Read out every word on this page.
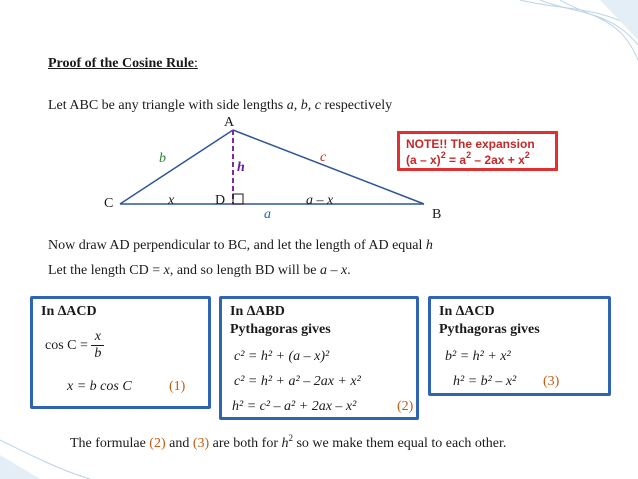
Proof of the Cosine Rule:
Let ABC be any triangle with side lengths a, b, c respectively
A
C
B
D
b	c
h
x	a – x
a
NOTE!! The expansion
$(a - x)^2 = a^2 - 2ax + x^2$
Now draw AD perpendicular to BC, and let the length of AD equal h
Let the length CD = x, and so length BD will be a – x.
In ∆ACD
$\cos C = \frac{x}{b}$
x = b cos C	(1)
In ∆ABD
Pythagoras gives
c² = h² + (a – x)²
c² = h² + a² – 2ax + x²
h² = c² – a² + 2ax – x²	(2)
In ∆ACD
Pythagoras gives
b² = h² + x²
h² = b² – x² (3)
The formulae (2) and (3) are both for $h^2$ so we make them equal to each other.
